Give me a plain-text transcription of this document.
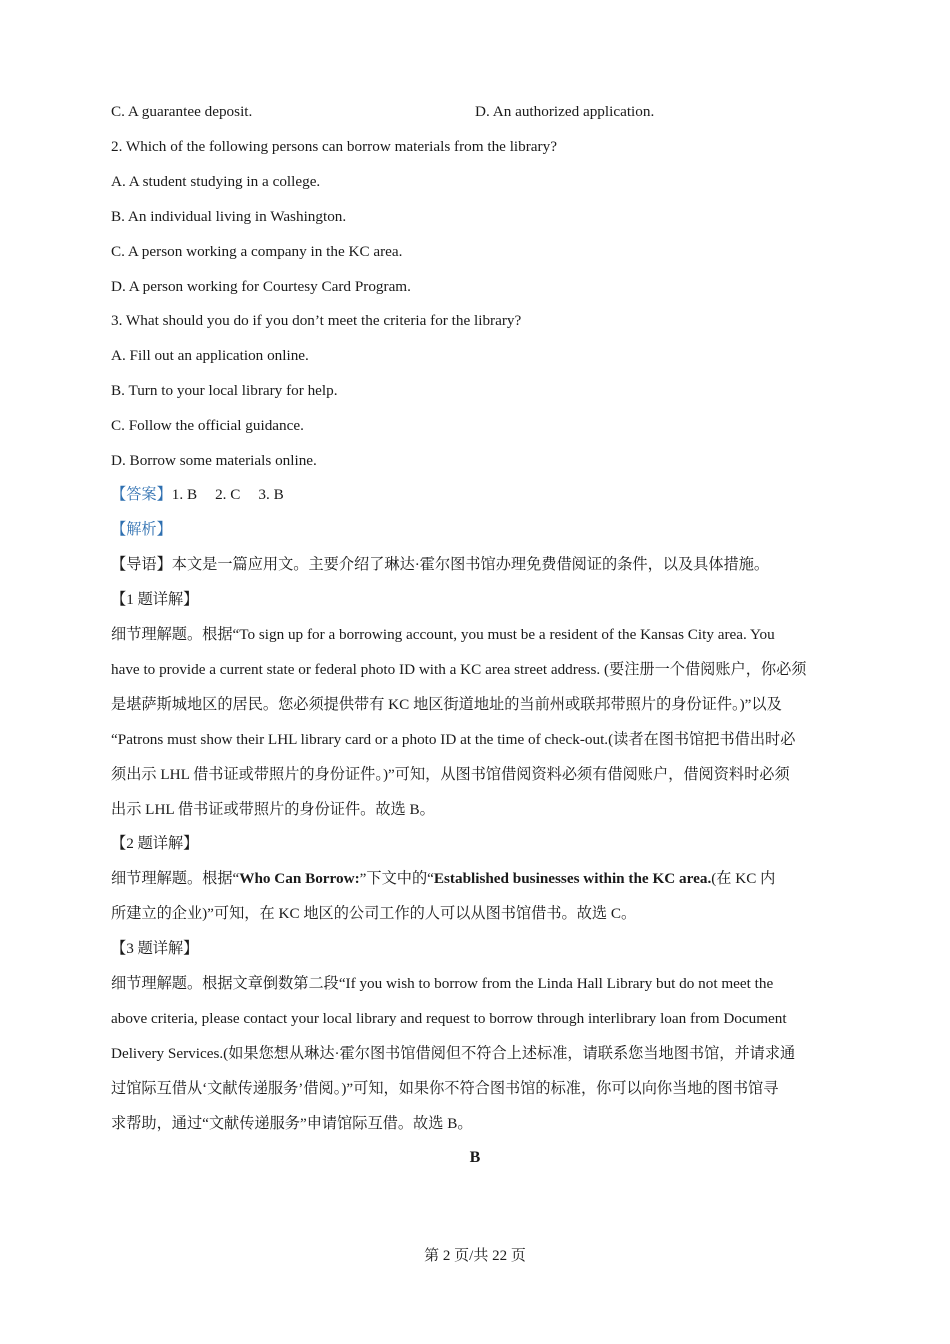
C. A guarantee deposit.	D. An authorized application.
2. Which of the following persons can borrow materials from the library?
A. A student studying in a college.
B. An individual living in Washington.
C. A person working a company in the KC area.
D. A person working for Courtesy Card Program.
3. What should you do if you don’t meet the criteria for the library?
A. Fill out an application online.
B. Turn to your local library for help.
C. Follow the official guidance.
D. Borrow some materials online.
【答案】1. B 2. C 3. B
【解析】
【导语】本文是一篇应用文。主要介绍了琳达·霍尔图书馆办理免费借阅证的条件，以及具体措施。
【1 题详解】
细节理解题。根据“To sign up for a borrowing account, you must be a resident of the Kansas City area. You
have to provide a current state or federal photo ID with a KC area street address. (要注册一个借阅账户，你必须
是堪萨斯城地区的居民。您必须提供带有 KC 地区街道地址的当前州或联邦带照片的身份证件。)”以及
“Patrons must show their LHL library card or a photo ID at the time of check-out.(读者在图书馆把书借出时必
须出示 LHL 借书证或带照片的身份证件。)”可知，从图书馆借阅资料必须有借阅账户，借阅资料时必须
出示 LHL 借书证或带照片的身份证件。故选 B。
【2 题详解】
细节理解题。根据“Who Can Borrow:”下文中的“Established businesses within the KC area.(在 KC 内
所建立的企业)”可知，在 KC 地区的公司工作的人可以从图书馆借书。故选 C。
【3 题详解】
细节理解题。根据文章倒数第二段“If you wish to borrow from the Linda Hall Library but do not meet the
above criteria, please contact your local library and request to borrow through interlibrary loan from Document
Delivery Services.(如果您想从琳达·霍尔图书馆借阅但不符合上述标准，请联系您当地图书馆，并请求通
过馆际互借从‘文献传递服务’借阅。)”可知，如果你不符合图书馆的标准，你可以向你当地的图书馆寻
求帮助，通过“文献传递服务”申请馆际互借。故选 B。
B
第 2 页/共 22 页
